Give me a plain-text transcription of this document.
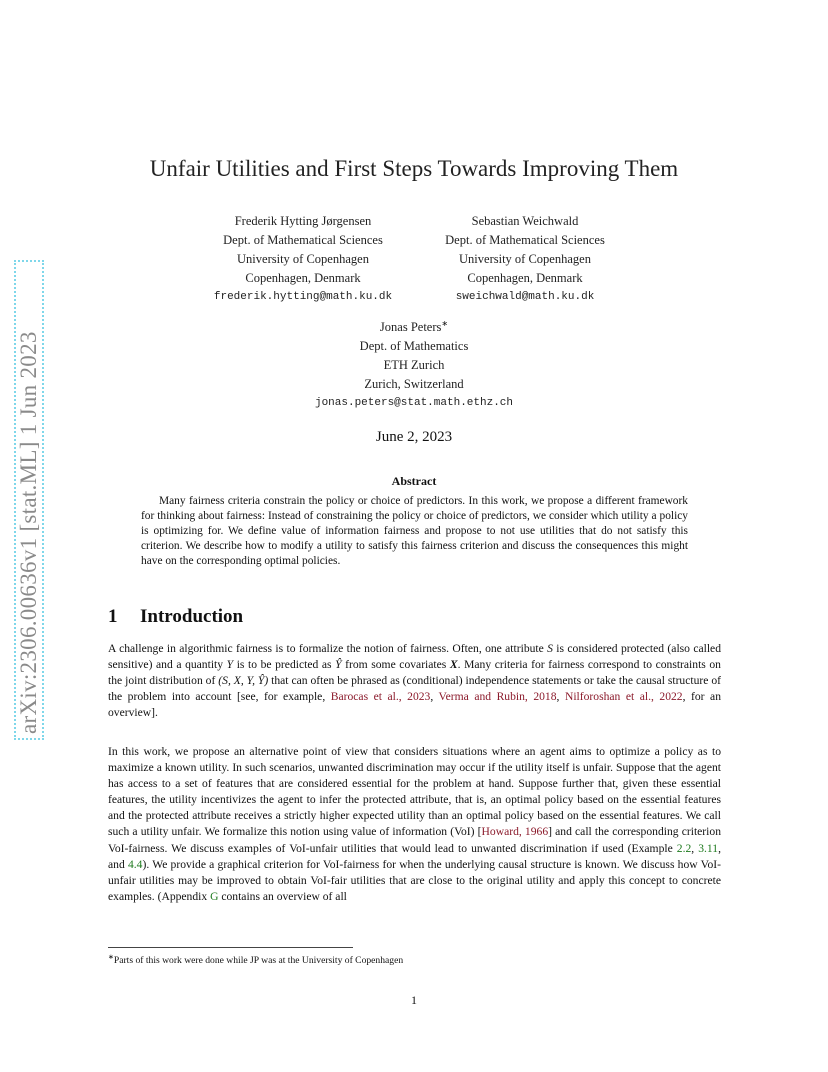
arXiv:2306.00636v1 [stat.ML] 1 Jun 2023
Unfair Utilities and First Steps Towards Improving Them
Frederik Hytting Jørgensen
Dept. of Mathematical Sciences
University of Copenhagen
Copenhagen, Denmark
frederik.hytting@math.ku.dk
Sebastian Weichwald
Dept. of Mathematical Sciences
University of Copenhagen
Copenhagen, Denmark
sweichwald@math.ku.dk
Jonas Peters∗
Dept. of Mathematics
ETH Zurich
Zurich, Switzerland
jonas.peters@stat.math.ethz.ch
June 2, 2023
Abstract

Many fairness criteria constrain the policy or choice of predictors. In this work, we propose a different framework for thinking about fairness: Instead of constraining the policy or choice of predictors, we consider which utility a policy is optimizing for. We define value of information fairness and propose to not use utilities that do not satisfy this criterion. We describe how to modify a utility to satisfy this fairness criterion and discuss the consequences this might have on the corresponding optimal policies.

1 Introduction

A challenge in algorithmic fairness is to formalize the notion of fairness. Often, one attribute S is considered protected (also called sensitive) and a quantity Y is to be predicted as Ŷ from some covariates X. Many criteria for fairness correspond to constraints on the joint distribution of (S, X, Y, Ŷ) that can often be phrased as (conditional) independence statements or take the causal structure of the problem into account [see, for example, Barocas et al., 2023, Verma and Rubin, 2018, Nilforoshan et al., 2022, for an overview].

In this work, we propose an alternative point of view that considers situations where an agent aims to optimize a policy as to maximize a known utility. In such scenarios, unwanted discrimination may occur if the utility itself is unfair. Suppose that the agent has access to a set of features that are considered essential for the problem at hand. Suppose further that, given these essential features, the utility incentivizes the agent to infer the protected attribute, that is, an optimal policy based on the essential features and the protected attribute receives a strictly higher expected utility than an optimal policy based on the essential features. We call such a utility unfair. We formalize this notion using value of information (VoI) [Howard, 1966] and call the corresponding criterion VoI-fairness. We discuss examples of VoI-unfair utilities that would lead to unwanted discrimination if used (Example 2.2, 3.11, and 4.4). We provide a graphical criterion for VoI-fairness for when the underlying causal structure is known. We discuss how VoI-unfair utilities may be improved to obtain VoI-fair utilities that are close to the original utility and apply this concept to concrete examples. (Appendix G contains an overview of all

∗Parts of this work were done while JP was at the University of Copenhagen
1
